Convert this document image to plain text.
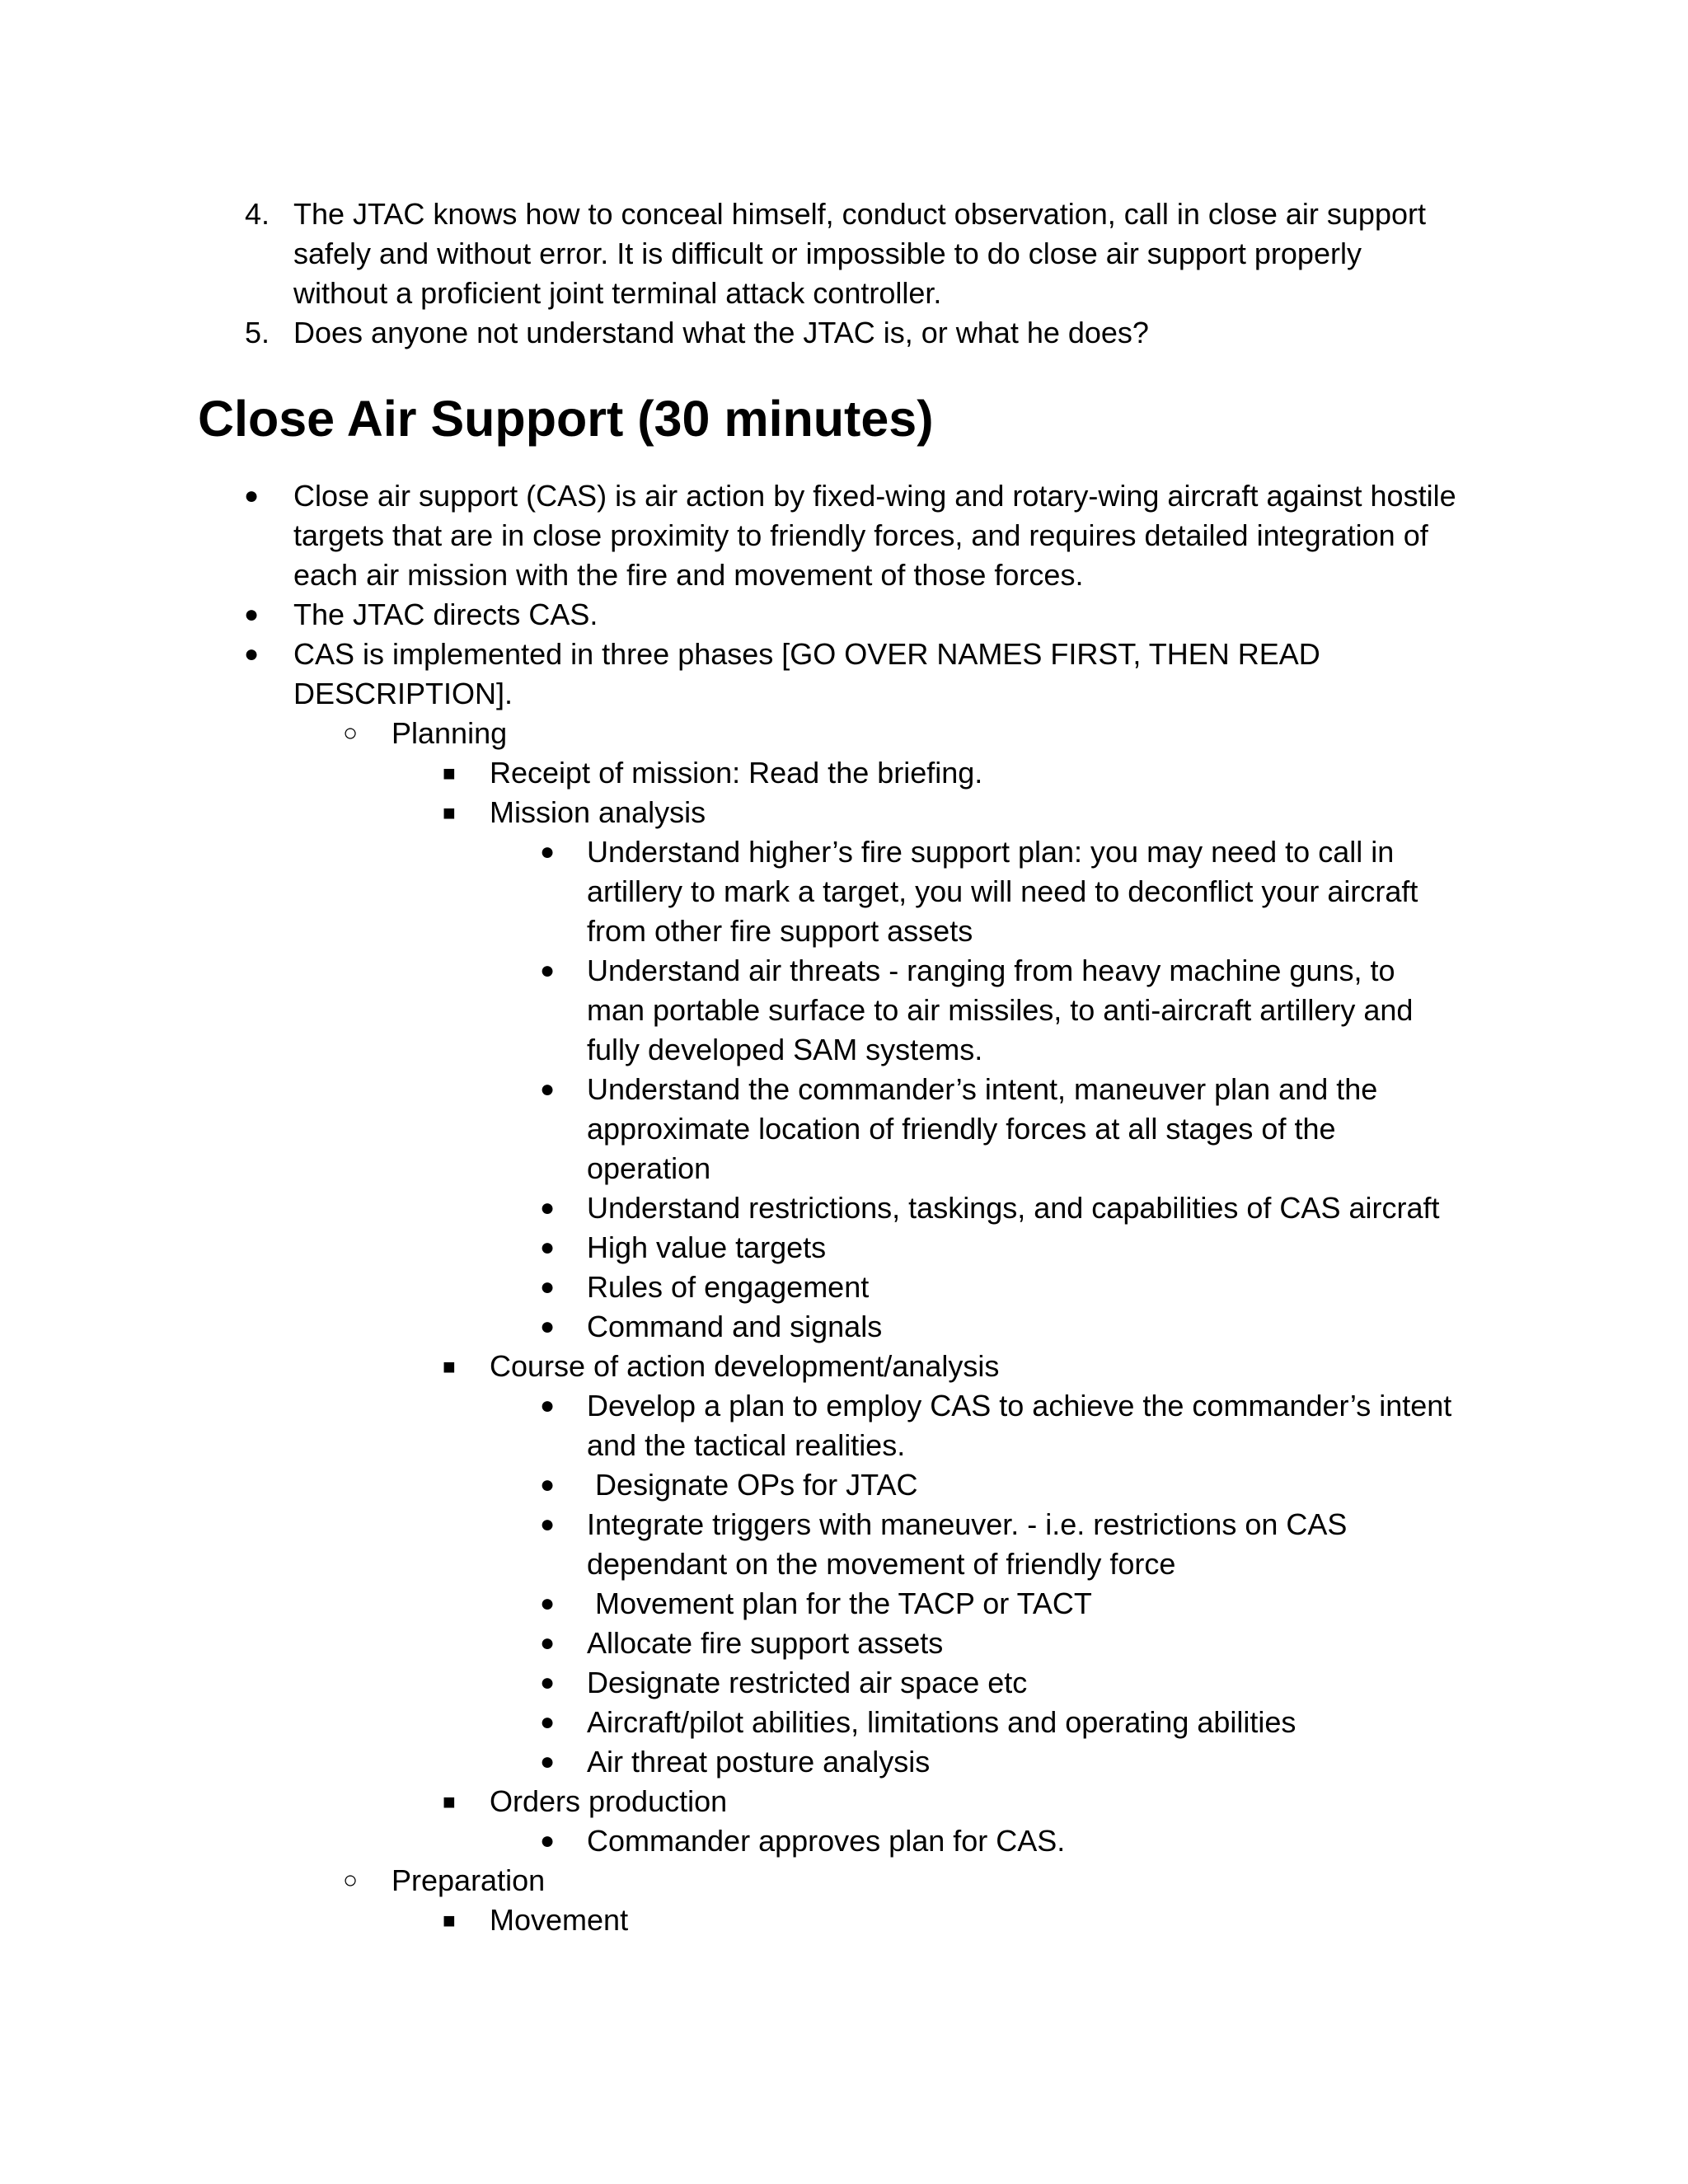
4. The JTAC knows how to conceal himself, conduct observation, call in close air support
safely and without error. It is difficult or impossible to do close air support properly
without a proficient joint terminal attack controller.
5. Does anyone not understand what the JTAC is, or what he does?
Close Air Support (30 minutes)
● Close air support (CAS) is air action by fixed-wing and rotary-wing aircraft against hostile
targets that are in close proximity to friendly forces, and requires detailed integration of
each air mission with the fire and movement of those forces.
● The JTAC directs CAS.
● CAS is implemented in three phases [GO OVER NAMES FIRST, THEN READ
DESCRIPTION].
○ Planning
■ Receipt of mission: Read the briefing.
■ Mission analysis
● Understand higher’s fire support plan: you may need to call in
artillery to mark a target, you will need to deconflict your aircraft
from other fire support assets
● Understand air threats - ranging from heavy machine guns, to
man portable surface to air missiles, to anti-aircraft artillery and
fully developed SAM systems.
● Understand the commander’s intent, maneuver plan and the
approximate location of friendly forces at all stages of the
operation
● Understand restrictions, taskings, and capabilities of CAS aircraft
● High value targets
● Rules of engagement
● Command and signals
■ Course of action development/analysis
● Develop a plan to employ CAS to achieve the commander’s intent
and the tactical realities.
● Designate OPs for JTAC
● Integrate triggers with maneuver. - i.e. restrictions on CAS
dependant on the movement of friendly force
● Movement plan for the TACP or TACT
● Allocate fire support assets
● Designate restricted air space etc
● Aircraft/pilot abilities, limitations and operating abilities
● Air threat posture analysis
■ Orders production
● Commander approves plan for CAS.
○ Preparation
■ Movement
